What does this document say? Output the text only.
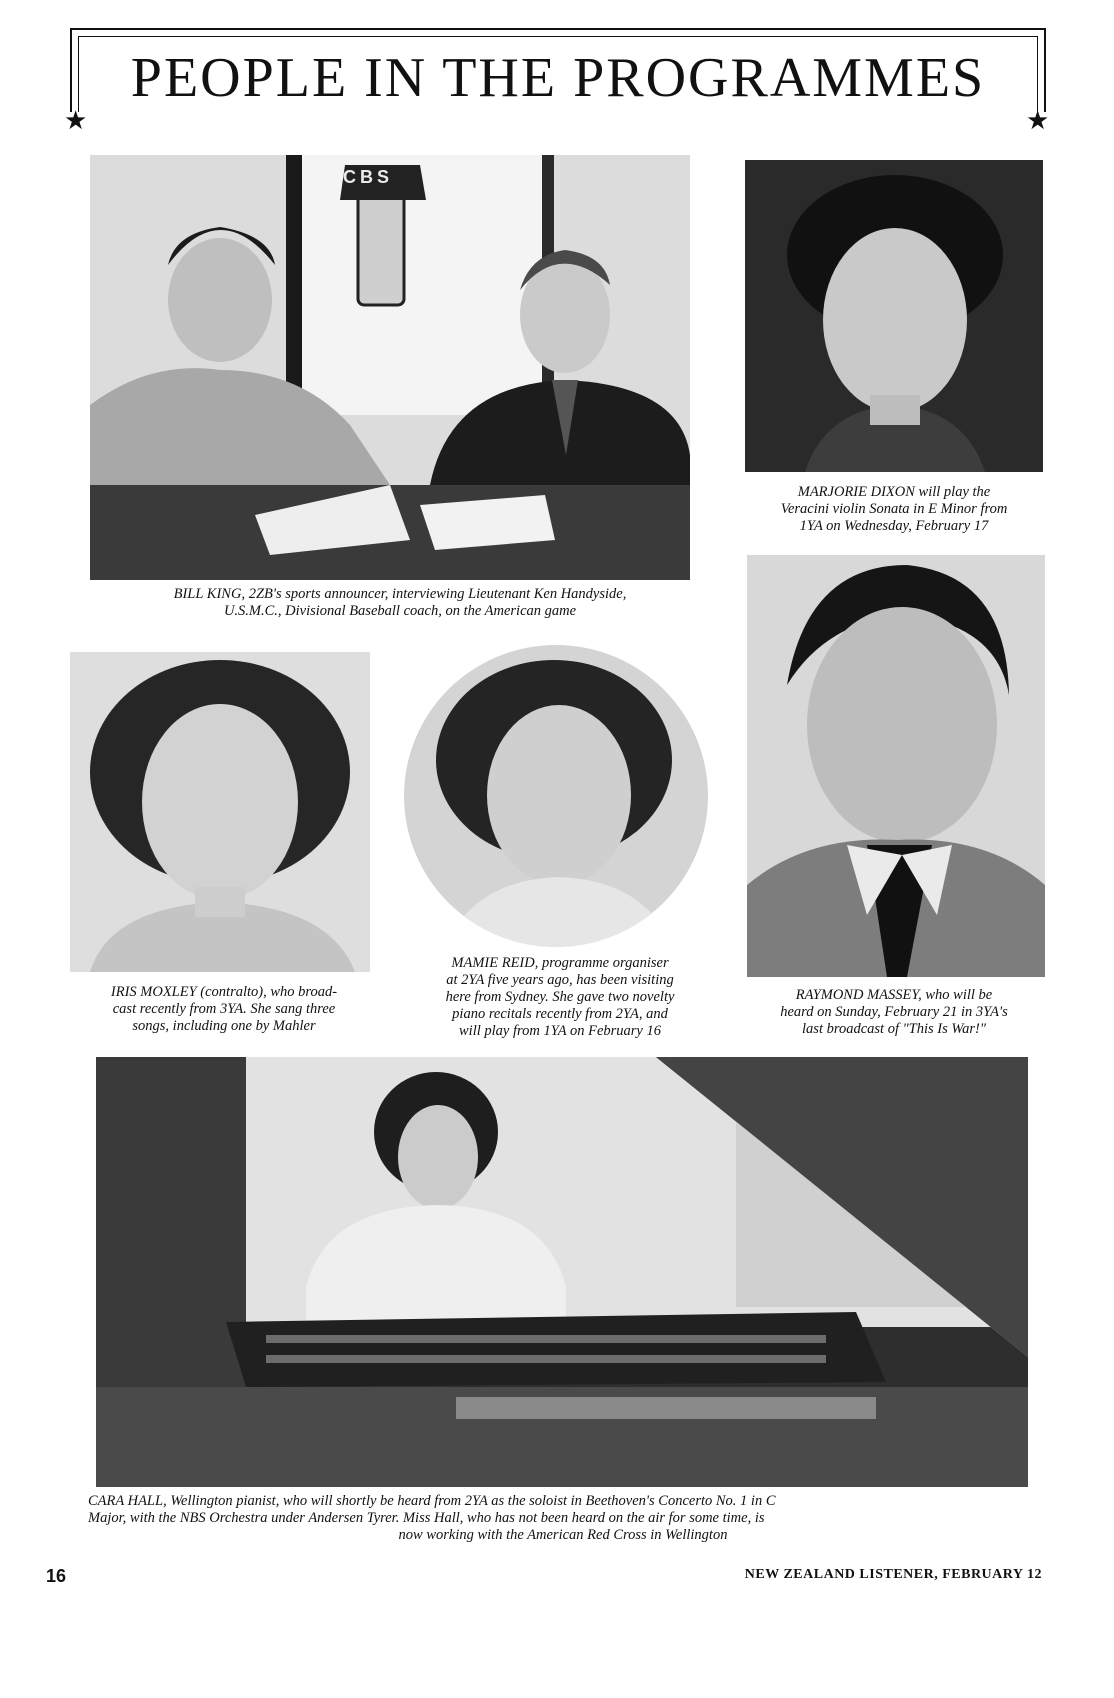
PEOPLE IN THE PROGRAMMES
★	★
CBS
BILL KING, 2ZB's sports announcer, interviewing Lieutenant Ken Handyside,
U.S.M.C., Divisional Baseball coach, on the American game
MARJORIE DIXON will play the
Veracini violin Sonata in E Minor from
1YA on Wednesday, February 17
RAYMOND MASSEY, who will be
heard on Sunday, February 21 in 3YA's
last broadcast of "This Is War!"
IRIS MOXLEY (contralto), who broad-
cast recently from 3YA. She sang three
songs, including one by Mahler
MAMIE REID, programme organiser
at 2YA five years ago, has been visiting
here from Sydney. She gave two novelty
piano recitals recently from 2YA, and
will play from 1YA on February 16
CARA HALL, Wellington pianist, who will shortly be heard from 2YA as the soloist in Beethoven's Concerto No. 1 in C
Major, with the NBS Orchestra under Andersen Tyrer. Miss Hall, who has not been heard on the air for some time, is
now working with the American Red Cross in Wellington
16	NEW ZEALAND LISTENER, FEBRUARY 12
